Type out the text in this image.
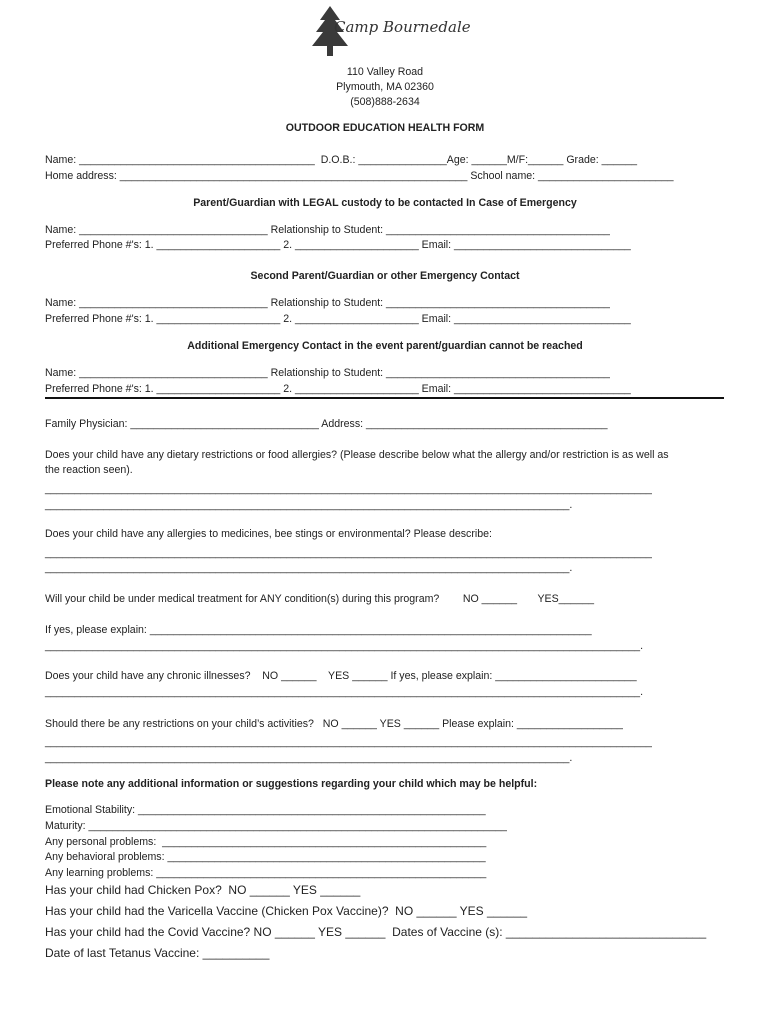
Camp Bournedale
110 Valley Road
Plymouth, MA 02360
(508)888-2634
OUTDOOR EDUCATION HEALTH FORM
Name: ________________________________________  D.O.B.: _______________Age: ______M/F:______ Grade: ______
Home address: ___________________________________________________________ School name: _______________________
Parent/Guardian with LEGAL custody to be contacted In Case of Emergency
Name: ________________________________ Relationship to Student: ______________________________________
Preferred Phone #'s: 1. _____________________ 2. _____________________ Email: ______________________________
Second Parent/Guardian or other Emergency Contact
Name: ________________________________ Relationship to Student: ______________________________________
Preferred Phone #'s: 1. _____________________ 2. _____________________ Email: ______________________________
Additional Emergency Contact in the event parent/guardian cannot be reached
Name: ________________________________ Relationship to Student: ______________________________________
Preferred Phone #'s: 1. _____________________ 2. _____________________ Email: ______________________________
Family Physician: ________________________________ Address: _________________________________________
Does your child have any dietary restrictions or food allergies? (Please describe below what the allergy and/or restriction is as well as
the reaction seen).
_______________________________________________________________________________________________________
_________________________________________________________________________________________.
Does your child have any allergies to medicines, bee stings or environmental? Please describe:
_______________________________________________________________________________________________________
_________________________________________________________________________________________.
Will your child be under medical treatment for ANY condition(s) during this program?        NO ______       YES______
If yes, please explain: ___________________________________________________________________________
_____________________________________________________________________________________________________.
Does your child have any chronic illnesses?    NO ______    YES ______ If yes, please explain: ________________________
_____________________________________________________________________________________________________.
Should there be any restrictions on your child’s activities?   NO ______ YES ______ Please explain: __________________
_______________________________________________________________________________________________________
_________________________________________________________________________________________.
Please note any additional information or suggestions regarding your child which may be helpful:
Emotional Stability: ___________________________________________________________
Maturity: _______________________________________________________________________
Any personal problems:  _______________________________________________________
Any behavioral problems: ______________________________________________________
Any learning problems: ________________________________________________________
Has your child had Chicken Pox?  NO ______ YES ______
Has your child had the Varicella Vaccine (Chicken Pox Vaccine)?  NO ______ YES ______
Has your child had the Covid Vaccine? NO ______ YES ______  Dates of Vaccine (s): ______________________________
Date of last Tetanus Vaccine: __________
